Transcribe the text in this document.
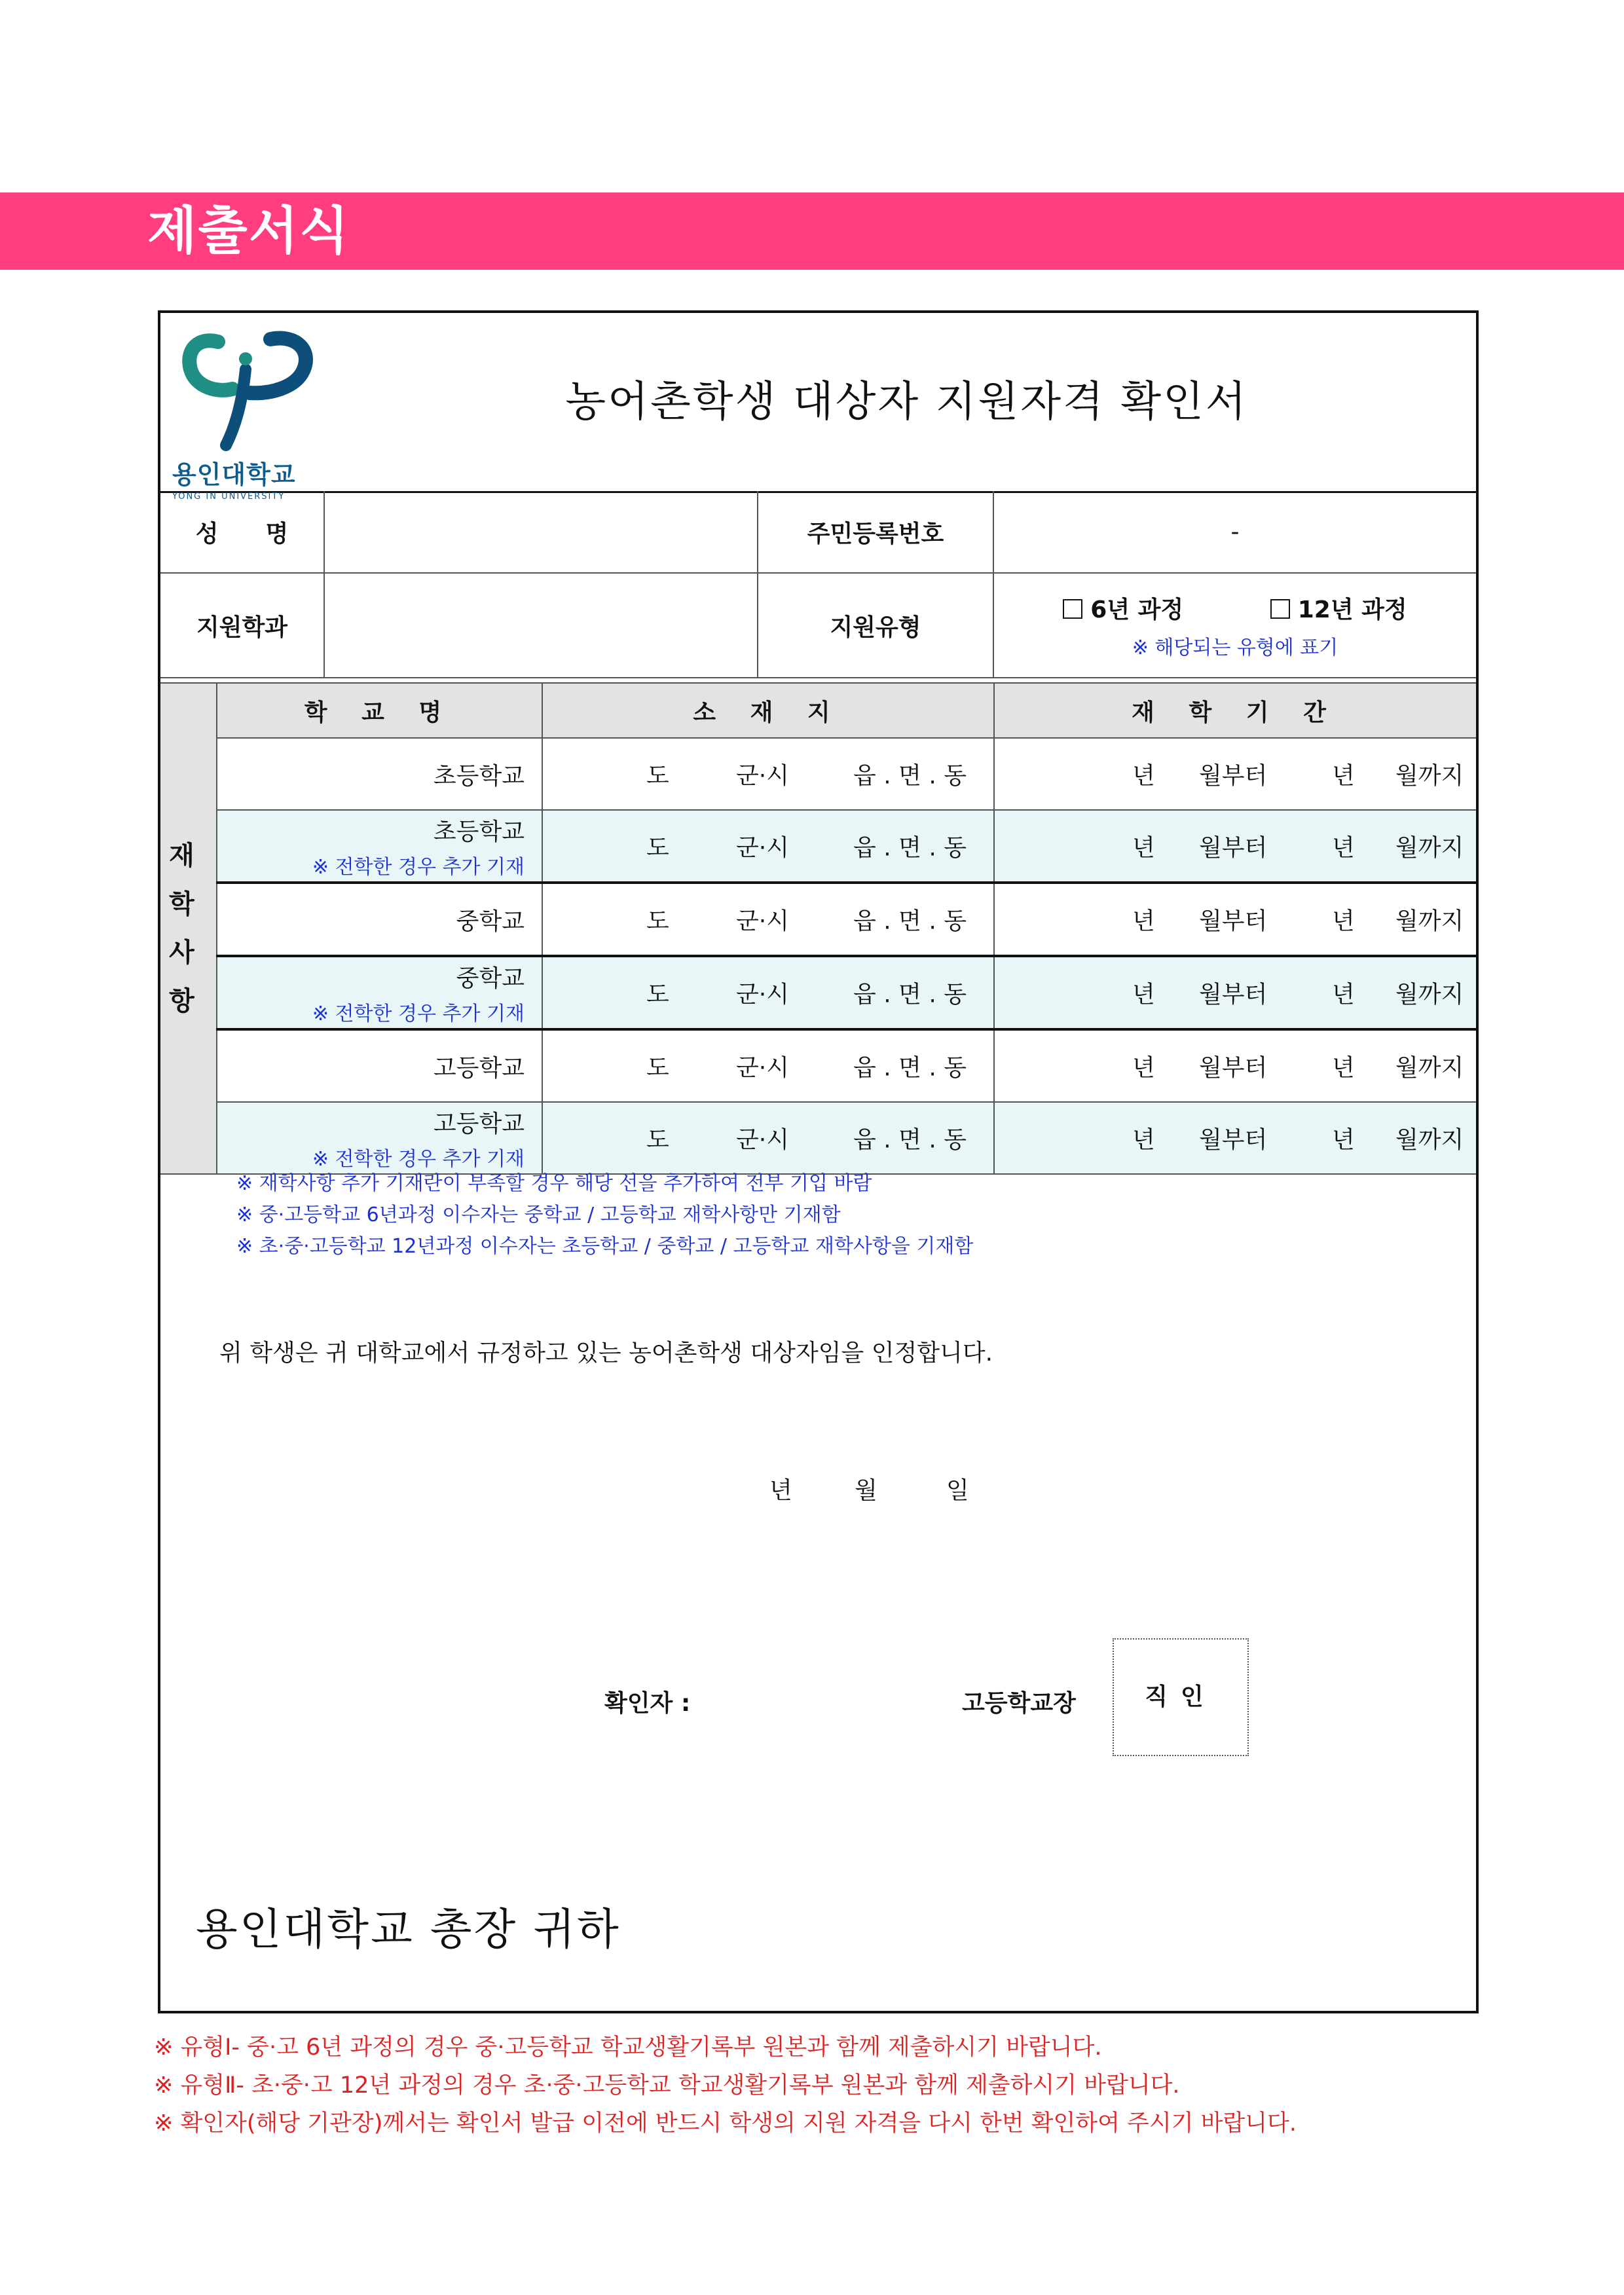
제출서식
용인대학교
YONG IN UNIVERSITY
농어촌학생 대상자 지원자격 확인서
성　　명		주민등록번호	-
지원학과		지원유형	6년 과정 12년 과정
※ 해당되는 유형에 표기
재
학
사
항	학 교 명	소 재 지	재 학 기 간
	초등학교	도 군·시 읍 . 면 . 동	년 월부터 년 월까지

	초등학교
※ 전학한 경우 추가 기재	도 군·시 읍 . 면 . 동	년 월부터 년 월까지

	중학교	도 군·시 읍 . 면 . 동	년 월부터 년 월까지

	중학교
※ 전학한 경우 추가 기재	도 군·시 읍 . 면 . 동	년 월부터 년 월까지

	고등학교	도 군·시 읍 . 면 . 동	년 월부터 년 월까지

	고등학교
※ 전학한 경우 추가 기재	도 군·시 읍 . 면 . 동	년 월부터 년 월까지
※ 재학사항 추가 기재란이 부족할 경우 해당 선을 추가하여 전부 기입 바람
※ 중·고등학교 6년과정 이수자는 중학교 / 고등학교 재학사항만 기재함
※ 초·중·고등학교 12년과정 이수자는 초등학교 / 중학교 / 고등학교 재학사항을 기재함
위 학생은 귀 대학교에서 규정하고 있는 농어촌학생 대상자임을 인정합니다.
년	월	일
확인자 :	고등학교장	직인
용인대학교 총장 귀하
※ 유형Ⅰ- 중·고 6년 과정의 경우 중·고등학교 학교생활기록부 원본과 함께 제출하시기 바랍니다.
※ 유형Ⅱ- 초·중·고 12년 과정의 경우 초·중·고등학교 학교생활기록부 원본과 함께 제출하시기 바랍니다.
※ 확인자(해당 기관장)께서는 확인서 발급 이전에 반드시 학생의 지원 자격을 다시 한번 확인하여 주시기 바랍니다.
